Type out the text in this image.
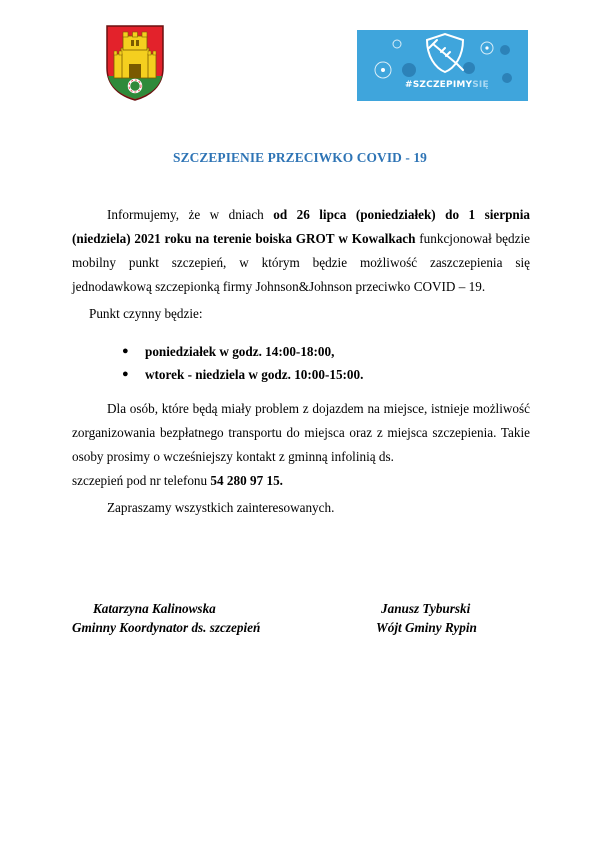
#SZCZEPIMYSIĘ
SZCZEPIENIE PRZECIWKO COVID - 19
Informujemy, że w dniach od 26 lipca (poniedziałek) do 1 sierpnia (niedziela) 2021 roku na terenie boiska GROT w Kowalkach funkcjonował będzie mobilny punkt szczepień, w którym będzie możliwość zaszczepienia się jednodawkową szczepionką firmy Johnson&Johnson przeciwko COVID – 19.
Punkt czynny będzie:
● poniedziałek w godz. 14:00-18:00,
● wtorek - niedziela w godz. 10:00-15:00.
Dla osób, które będą miały problem z dojazdem na miejsce, istnieje możliwość zorganizowania bezpłatnego transportu do miejsca oraz z miejsca szczepienia. Takie osoby prosimy o wcześniejszy kontakt z gminną infolinią ds.
szczepień pod nr telefonu 54 280 97 15.
Zapraszamy wszystkich zainteresowanych.
Katarzyna Kalinowska
Gminny Koordynator ds. szczepień
Janusz Tyburski
Wójt Gminy Rypin
